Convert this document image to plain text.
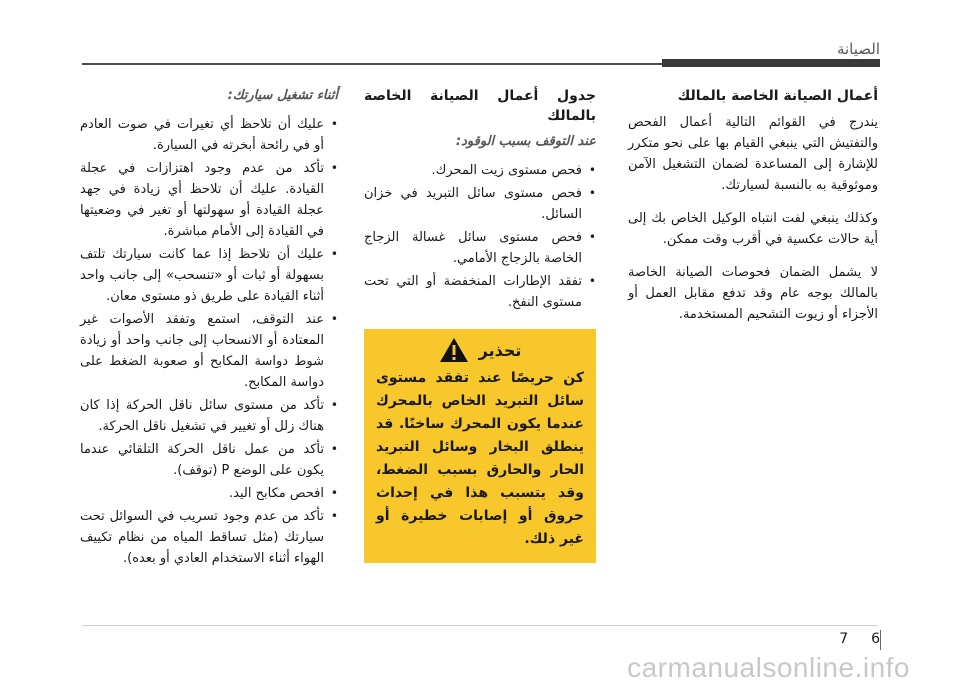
الصيانة
أعمال الصيانة الخاصة بالمالك

يندرج في القوائم التالية أعمال الفحص والتفتيش التي ينبغي القيام بها على نحو متكرر للإشارة إلى المساعدة لضمان التشغيل الآمن وموثوقية به بالنسبة لسيارتك.

وكذلك ينبغي لفت انتباه الوكيل الخاص بك إلى أية حالات عكسية في أقرب وقت ممكن.

لا يشمل الضمان فحوصات الصيانة الخاصة بالمالك بوجه عام وقد تدفع مقابل العمل أو الأجزاء أو زيوت التشحيم المستخدمة.

جدول أعمال الصيانة الخاصة بالمالك
عند التوقف بسبب الوقود:
• فحص مستوى زيت المحرك.
• فحص مستوى سائل التبريد في خزان السائل.
• فحص مستوى سائل غسالة الزجاج الخاصة بالزجاج الأمامي.
• تفقد الإطارات المنخفضة أو التي تحت مستوى النفخ.
تحذير
كن حريصًا عند تفقد مستوى سائل التبريد الخاص بالمحرك عندما يكون المحرك ساخنًا. قد ينطلق البخار وسائل التبريد الحار والحارق بسبب الضغط، وقد يتسبب هذا في إحداث حروق أو إصابات خطيرة أو غير ذلك.
أثناء تشغيل سيارتك:
• عليك أن تلاحظ أي تغيرات في صوت العادم أو في رائحة أبخرته في السيارة.
• تأكد من عدم وجود اهتزازات في عجلة القيادة. عليك أن تلاحظ أي زيادة في جهد عجلة القيادة أو سهولتها أو تغير في وضعيتها في القيادة إلى الأمام مباشرة.
• عليك أن تلاحظ إذا عما كانت سيارتك تلتف بسهولة أو ثبات أو «تنسحب» إلى جانب واحد أثناء القيادة على طريق ذو مستوى معان.
• عند التوقف، استمع وتفقد الأصوات غير المعتادة أو الانسحاب إلى جانب واحد أو زيادة شوط دواسة المكابح أو صعوبة الضغط على دواسة المكابح.
• تأكد من مستوى سائل ناقل الحركة إذا كان هناك زلل أو تغيير في تشغيل ناقل الحركة.
• تأكد من عمل ناقل الحركة التلقائي عندما يكون على الوضع P (توقف).
• افحص مكابح اليد.
• تأكد من عدم وجود تسريب في السوائل تحت سيارتك (مثل تساقط المياه من نظام تكييف الهواء أثناء الاستخدام العادي أو بعده).
7 6
carmanualsonline.info
